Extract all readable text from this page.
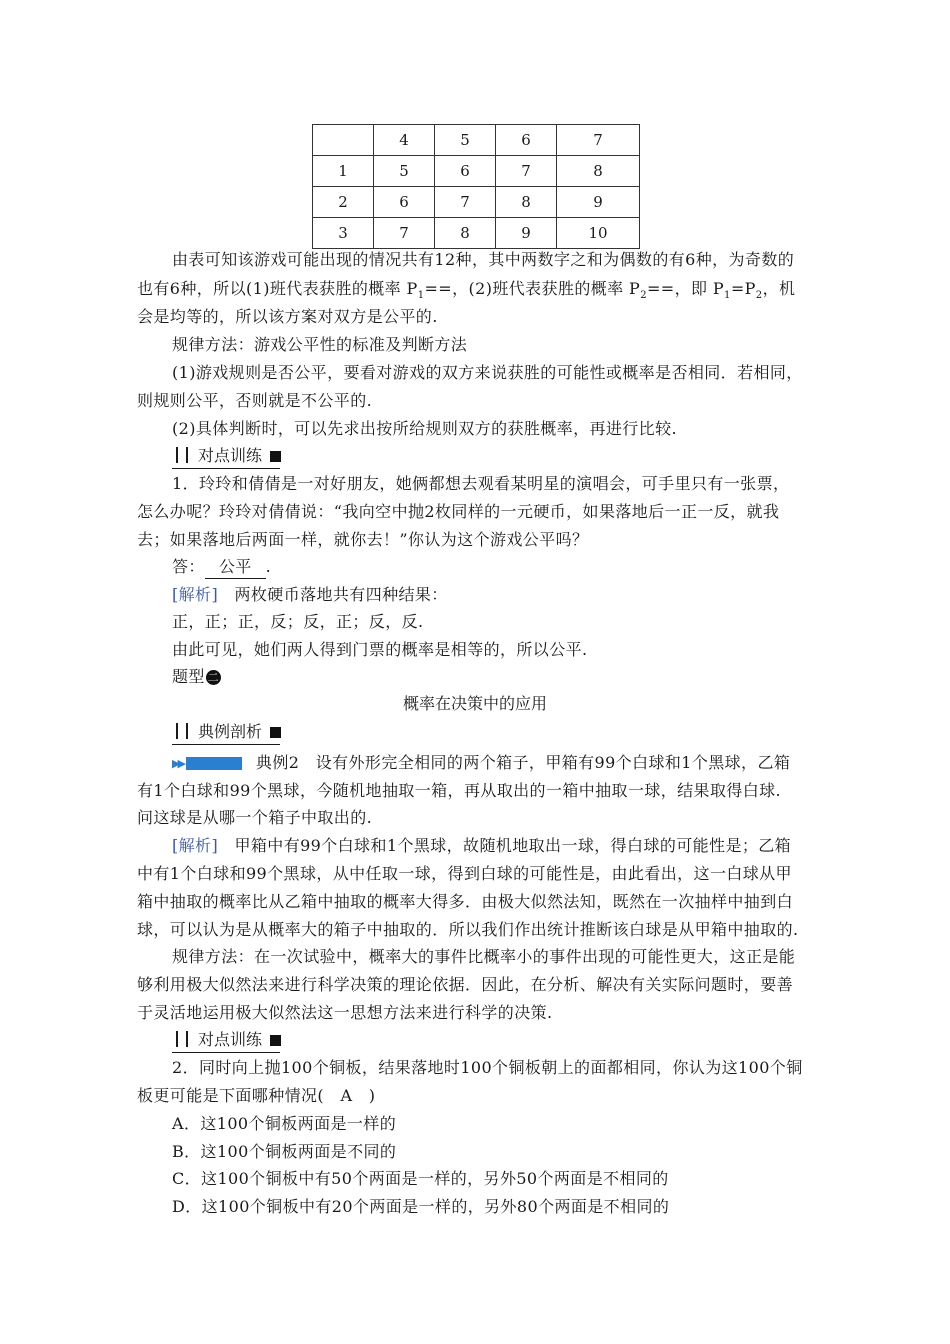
	4	5	6	7
1	5	6	7	8
2	6	7	8	9
3	7	8	9	10
由表可知该游戏可能出现的情况共有12种，其中两数字之和为偶数的有6种，为奇数的
也有6种，所以(1)班代表获胜的概率 $P_1==$，(2)班代表获胜的概率 $P_2==$，即 $P_1=P_2$，机
会是均等的，所以该方案对双方是公平的.
规律方法：游戏公平性的标准及判断方法
(1)游戏规则是否公平，要看对游戏的双方来说获胜的可能性或概率是否相同．若相同，
则规则公平，否则就是不公平的.
(2)具体判断时，可以先求出按所给规则双方的获胜概率，再进行比较.
对点训练
1．玲玲和倩倩是一对好朋友，她俩都想去观看某明星的演唱会，可手里只有一张票，
怎么办呢？玲玲对倩倩说：“我向空中抛2枚同样的一元硬币，如果落地后一正一反，就我
去；如果落地后两面一样，就你去！”你认为这个游戏公平吗？
答： 公平 .
[解析]　 两枚硬币落地共有四种结果：
正，正；正，反；反，正；反，反.
由此可见，她们两人得到门票的概率是相等的，所以公平.
题型 二
概率在决策中的应用
典例剖析
▶▶	典例2　 设有外形完全相同的两个箱子，甲箱有99个白球和1个黑球，乙箱
有1个白球和99个黑球，今随机地抽取一箱，再从取出的一箱中抽取一球，结果取得白球.
问这球是从哪一个箱子中取出的.
[解析]　 甲箱中有99个白球和1个黑球，故随机地取出一球，得白球的可能性是；乙箱
中有1个白球和99个黑球，从中任取一球，得到白球的可能性是，由此看出，这一白球从甲
箱中抽取的概率比从乙箱中抽取的概率大得多．由极大似然法知，既然在一次抽样中抽到白
球，可以认为是从概率大的箱子中抽取的．所以我们作出统计推断该白球是从甲箱中抽取的.
规律方法：在一次试验中，概率大的事件比概率小的事件出现的可能性更大，这正是能
够利用极大似然法来进行科学决策的理论依据．因此，在分析、解决有关实际问题时，要善
于灵活地运用极大似然法这一思想方法来进行科学的决策.
对点训练
2．同时向上抛100个铜板，结果落地时100个铜板朝上的面都相同，你认为这100个铜
板更可能是下面哪种情况(　A　)
A．这100个铜板两面是一样的
B．这100个铜板两面是不同的
C．这100个铜板中有50个两面是一样的，另外50个两面是不相同的
D．这100个铜板中有20个两面是一样的，另外80个两面是不相同的
